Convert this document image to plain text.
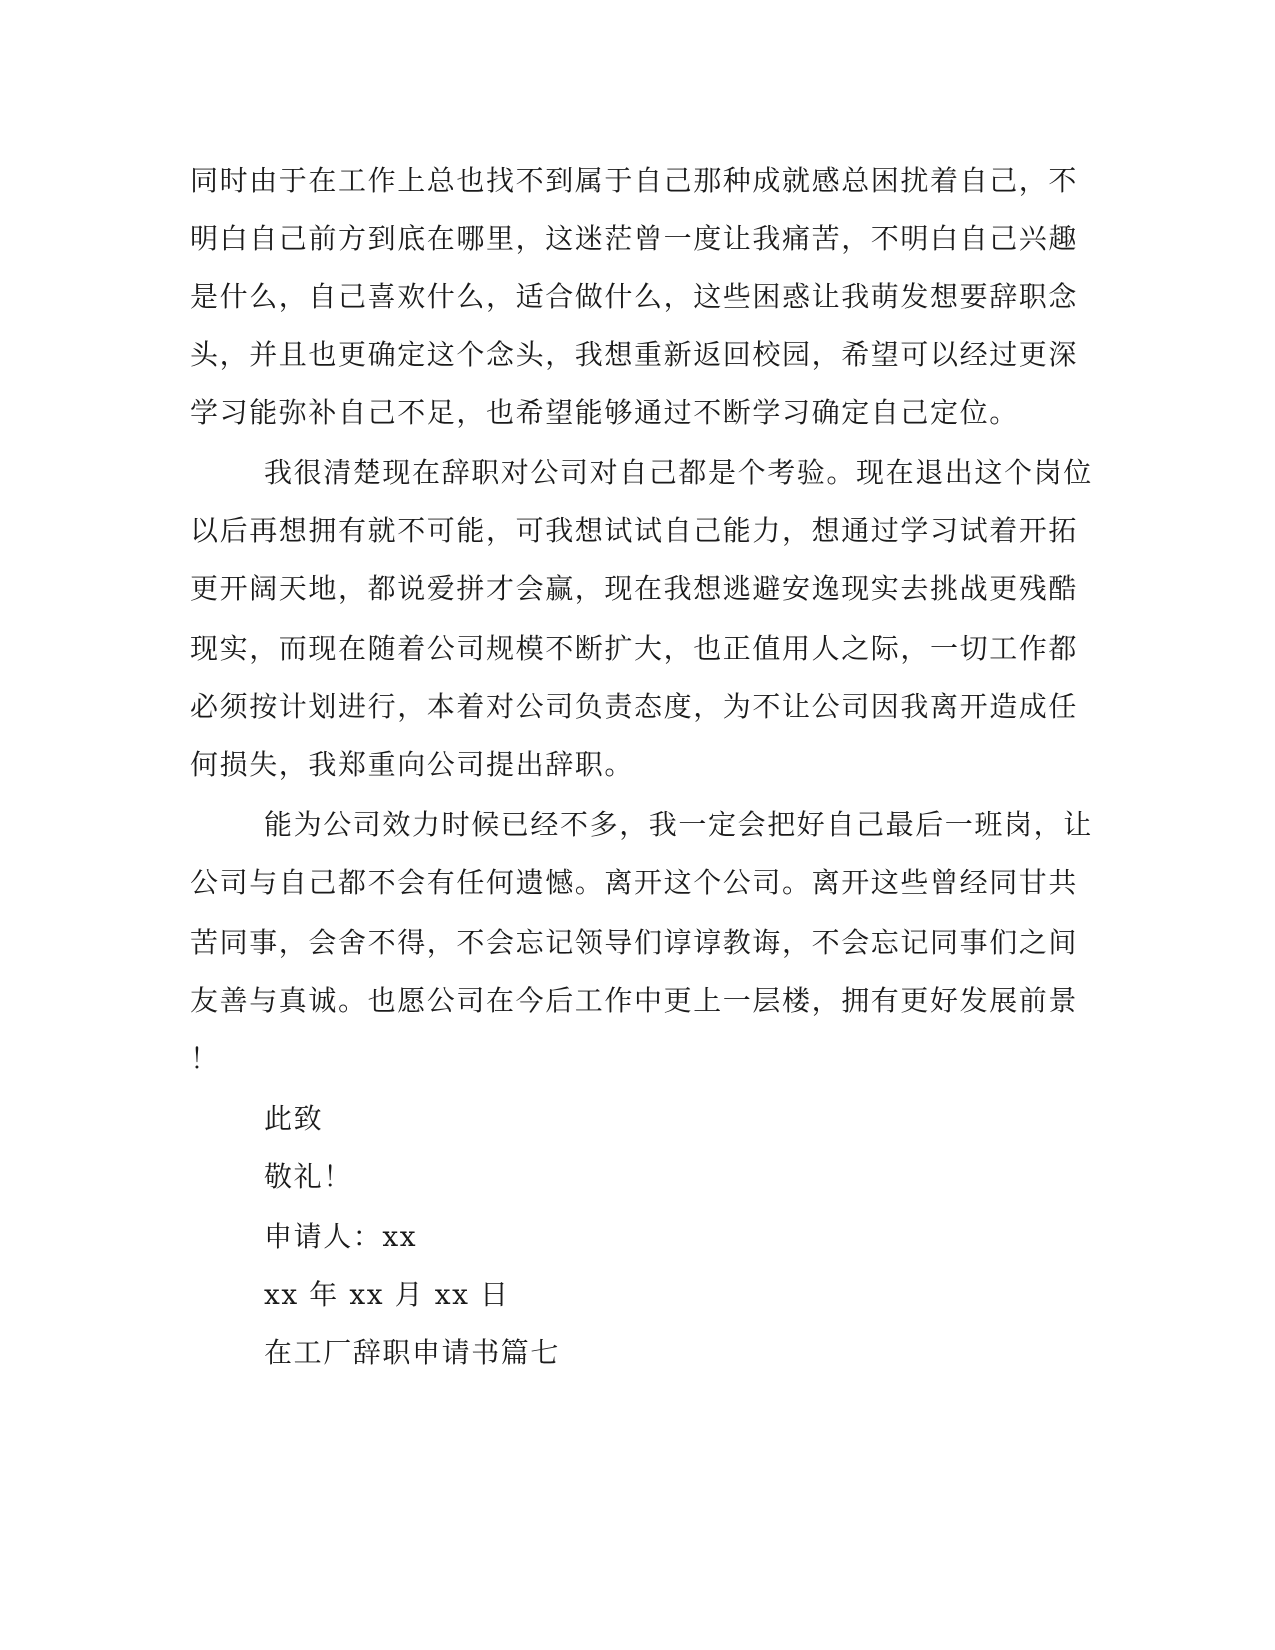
同时由于在工作上总也找不到属于自己那种成就感总困扰着自己，不
明白自己前方到底在哪里，这迷茫曾一度让我痛苦，不明白自己兴趣
是什么，自己喜欢什么，适合做什么，这些困惑让我萌发想要辞职念
头，并且也更确定这个念头，我想重新返回校园，希望可以经过更深
学习能弥补自己不足，也希望能够通过不断学习确定自己定位。
我很清楚现在辞职对公司对自己都是个考验。现在退出这个岗位
以后再想拥有就不可能，可我想试试自己能力，想通过学习试着开拓
更开阔天地，都说爱拼才会赢，现在我想逃避安逸现实去挑战更残酷
现实，而现在随着公司规模不断扩大，也正值用人之际，一切工作都
必须按计划进行，本着对公司负责态度，为不让公司因我离开造成任
何损失，我郑重向公司提出辞职。
能为公司效力时候已经不多，我一定会把好自己最后一班岗，让
公司与自己都不会有任何遗憾。离开这个公司。离开这些曾经同甘共
苦同事，会舍不得，不会忘记领导们谆谆教诲，不会忘记同事们之间
友善与真诚。也愿公司在今后工作中更上一层楼，拥有更好发展前景
！
此致
敬礼！
申请人：xx
xx 年 xx 月 xx 日
在工厂辞职申请书篇七
